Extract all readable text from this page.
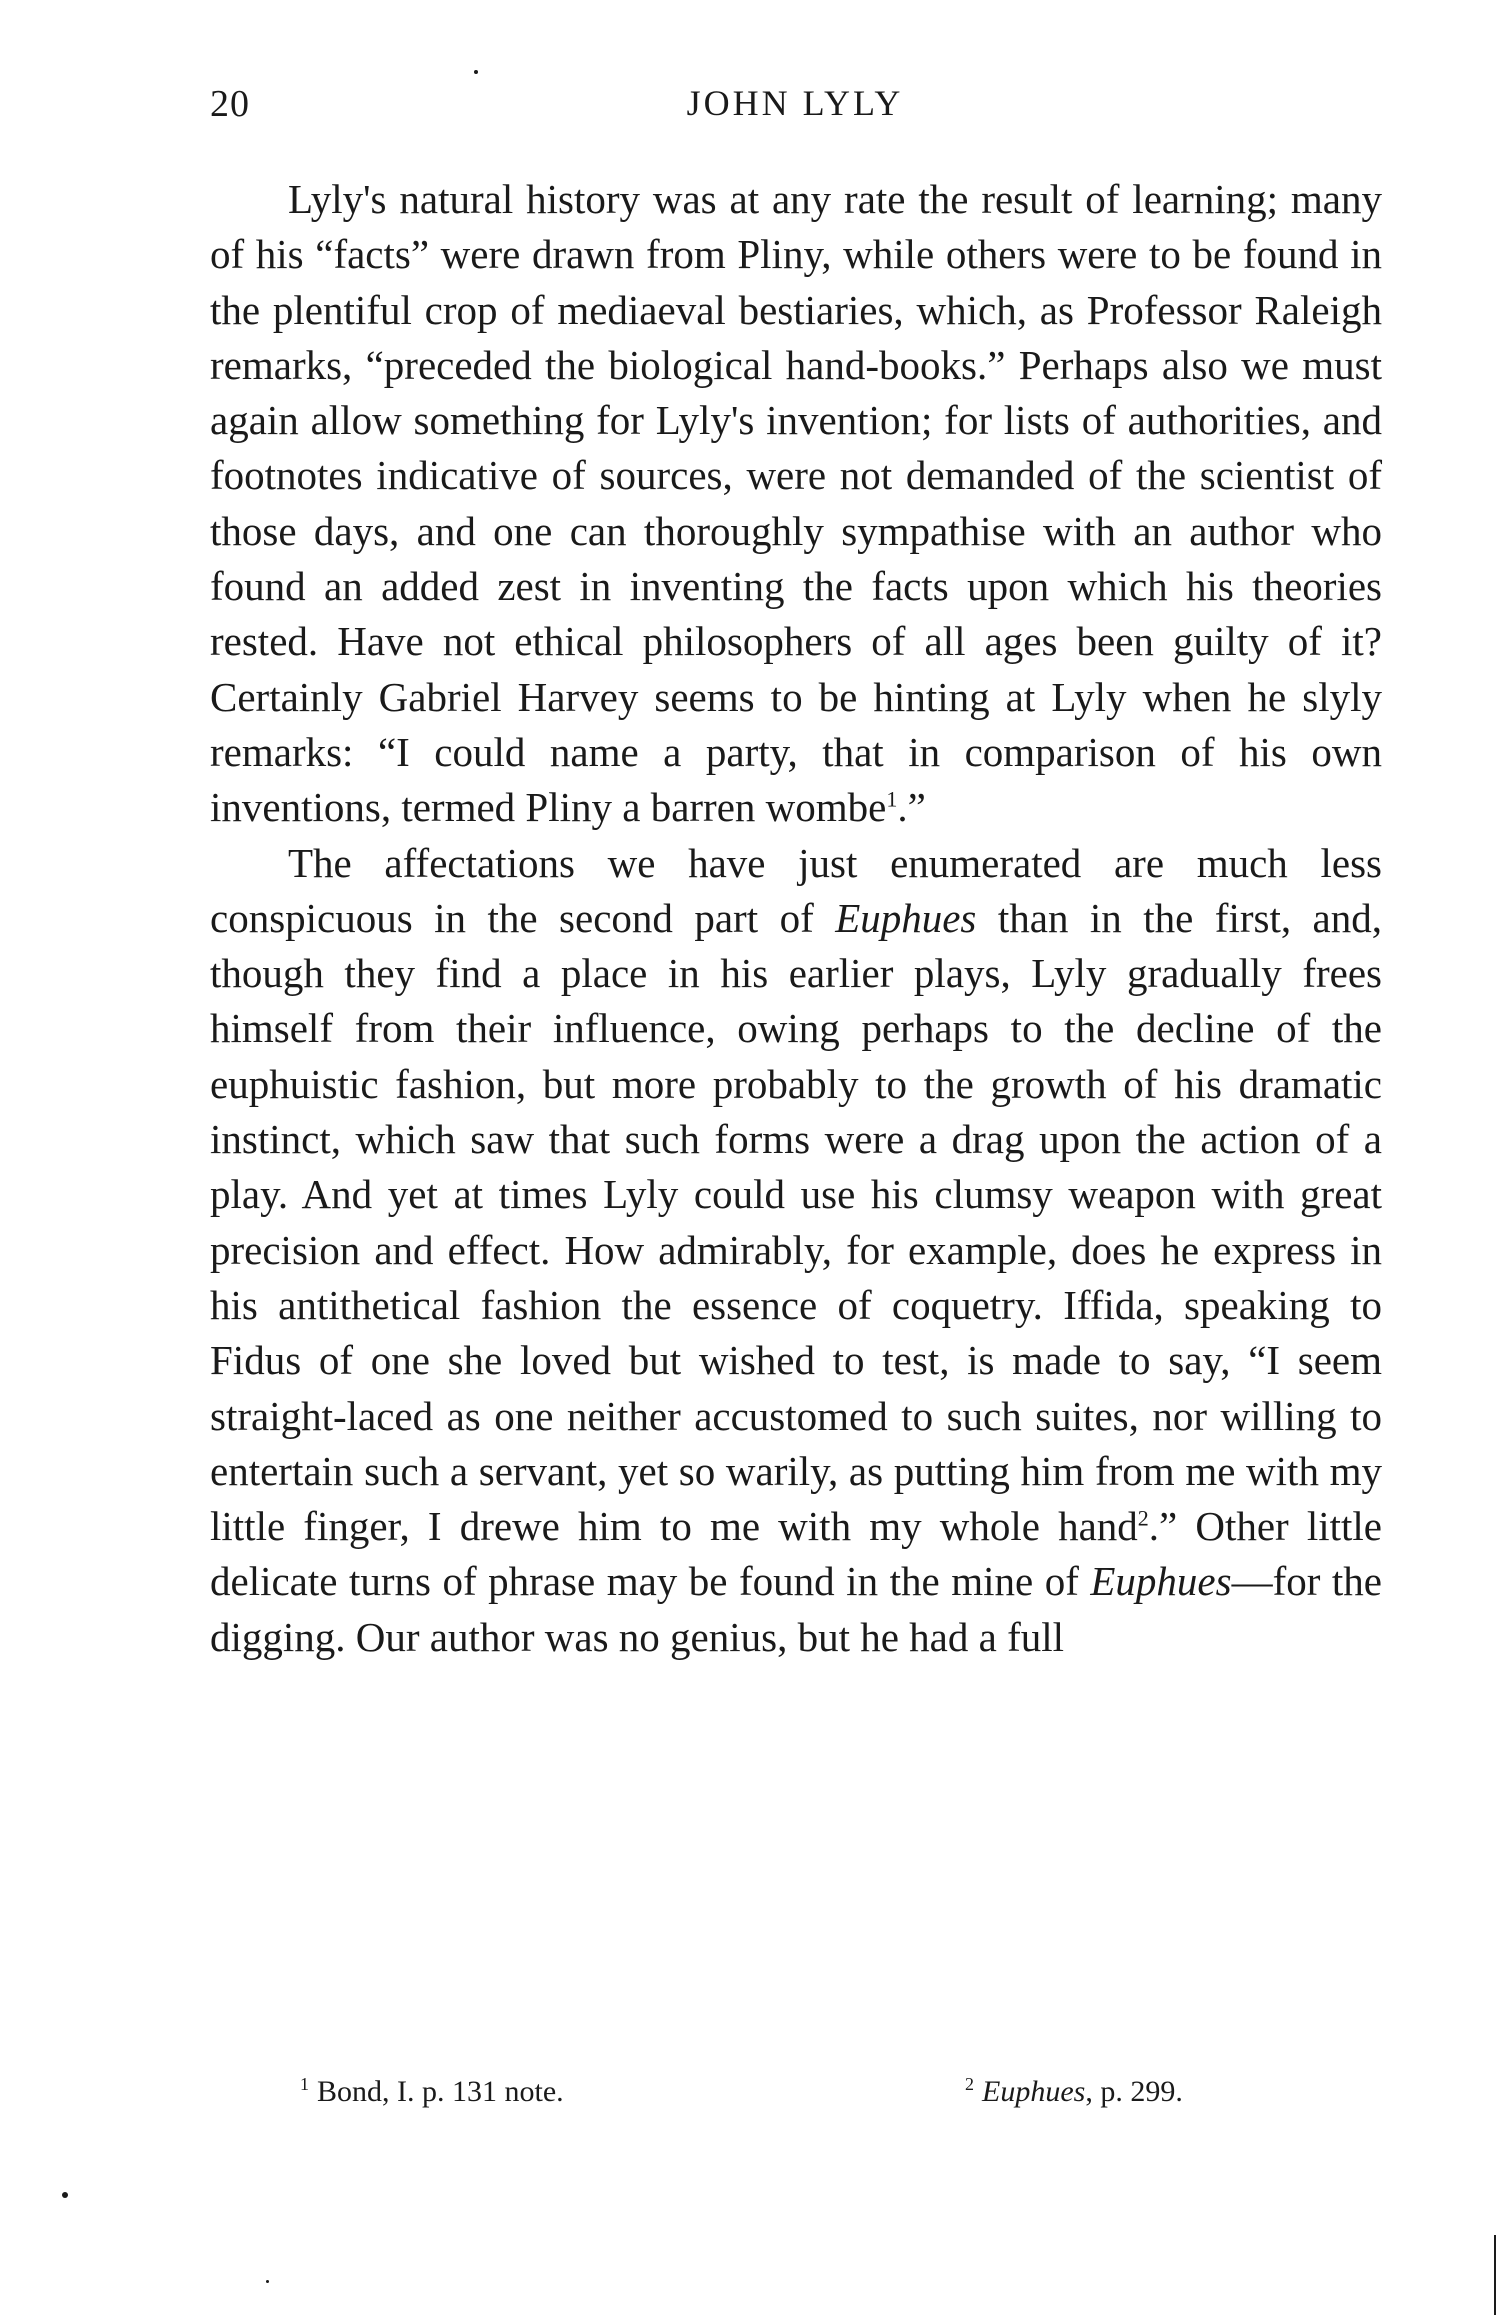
20	JOHN LYLY

Lyly's natural history was at any rate the result of learning; many of his “facts” were drawn from Pliny, while others were to be found in the plentiful crop of mediaeval bestiaries, which, as Professor Raleigh remarks, “preceded the biological hand-books.” Perhaps also we must again allow something for Lyly's invention; for lists of authorities, and footnotes indicative of sources, were not demanded of the scientist of those days, and one can thoroughly sympathise with an author who found an added zest in inventing the facts upon which his theories rested. Have not ethical philosophers of all ages been guilty of it? Certainly Gabriel Harvey seems to be hinting at Lyly when he slyly remarks: “I could name a party, that in comparison of his own inventions, termed Pliny a barren wombe$^1$.”

The affectations we have just enumerated are much less conspicuous in the second part of Euphues than in the first, and, though they find a place in his earlier plays, Lyly gradually frees himself from their influence, owing perhaps to the decline of the euphuistic fashion, but more probably to the growth of his dramatic instinct, which saw that such forms were a drag upon the action of a play. And yet at times Lyly could use his clumsy weapon with great precision and effect. How admirably, for example, does he express in his antithetical fashion the essence of coquetry. Iffida, speaking to Fidus of one she loved but wished to test, is made to say, “I seem straight-laced as one neither accustomed to such suites, nor willing to entertain such a servant, yet so warily, as putting him from me with my little finger, I drewe him to me with my whole hand$^2$.” Other little delicate turns of phrase may be found in the mine of Euphues—for the digging. Our author was no genius, but he had a full

$^1$ Bond, I. p. 131 note.	$^2$ Euphues, p. 299.
